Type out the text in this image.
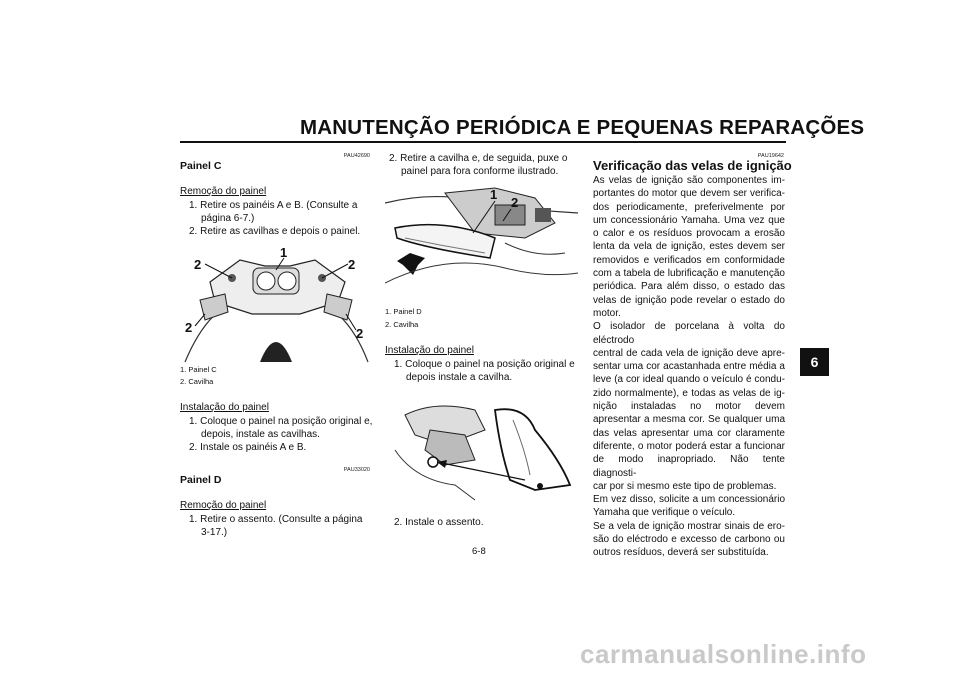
MANUTENÇÃO PERIÓDICA E PEQUENAS REPARAÇÕES
6
PAU42690
Painel C
Remoção do painel
1. Retire os painéis A e B. (Consulte a
página 6-7.)
2. Retire as cavilhas e depois o painel.
1
2	2
2	2
1. Painel C
2. Cavilha
Instalação do painel
1. Coloque o painel na posição original e,
depois, instale as cavilhas.
2. Instale os painéis A e B.
PAU33020
Painel D
Remoção do painel
1. Retire o assento. (Consulte a página
3-17.)
2. Retire a cavilha e, de seguida, puxe o
painel para fora conforme ilustrado.
1
2
1. Painel D
2. Cavilha
Instalação do painel
1. Coloque o painel na posição original e
depois instale a cavilha.
2. Instale o assento.
PAU19642
Verificação das velas de ignição
As velas de ignição são componentes im-
portantes do motor que devem ser verifica-
dos periodicamente, preferivelmente por
um concessionário Yamaha. Uma vez que
o calor e os resíduos provocam a erosão
lenta da vela de ignição, estes devem ser
removidos e verificados em conformidade
com a tabela de lubrificação e manutenção
periódica. Para além disso, o estado das
velas de ignição pode revelar o estado do
motor.
O isolador de porcelana à volta do eléctrodo
central de cada vela de ignição deve apre-
sentar uma cor acastanhada entre média a
leve (a cor ideal quando o veículo é condu-
zido normalmente), e todas as velas de ig-
nição instaladas no motor devem
apresentar a mesma cor. Se qualquer uma
das velas apresentar uma cor claramente
diferente, o motor poderá estar a funcionar
de modo inapropriado. Não tente diagnosti-
car por si mesmo este tipo de problemas.
Em vez disso, solicite a um concessionário
Yamaha que verifique o veículo.
Se a vela de ignição mostrar sinais de ero-
são do eléctrodo e excesso de carbono ou
outros resíduos, deverá ser substituída.
6-8
carmanualsonline.info
